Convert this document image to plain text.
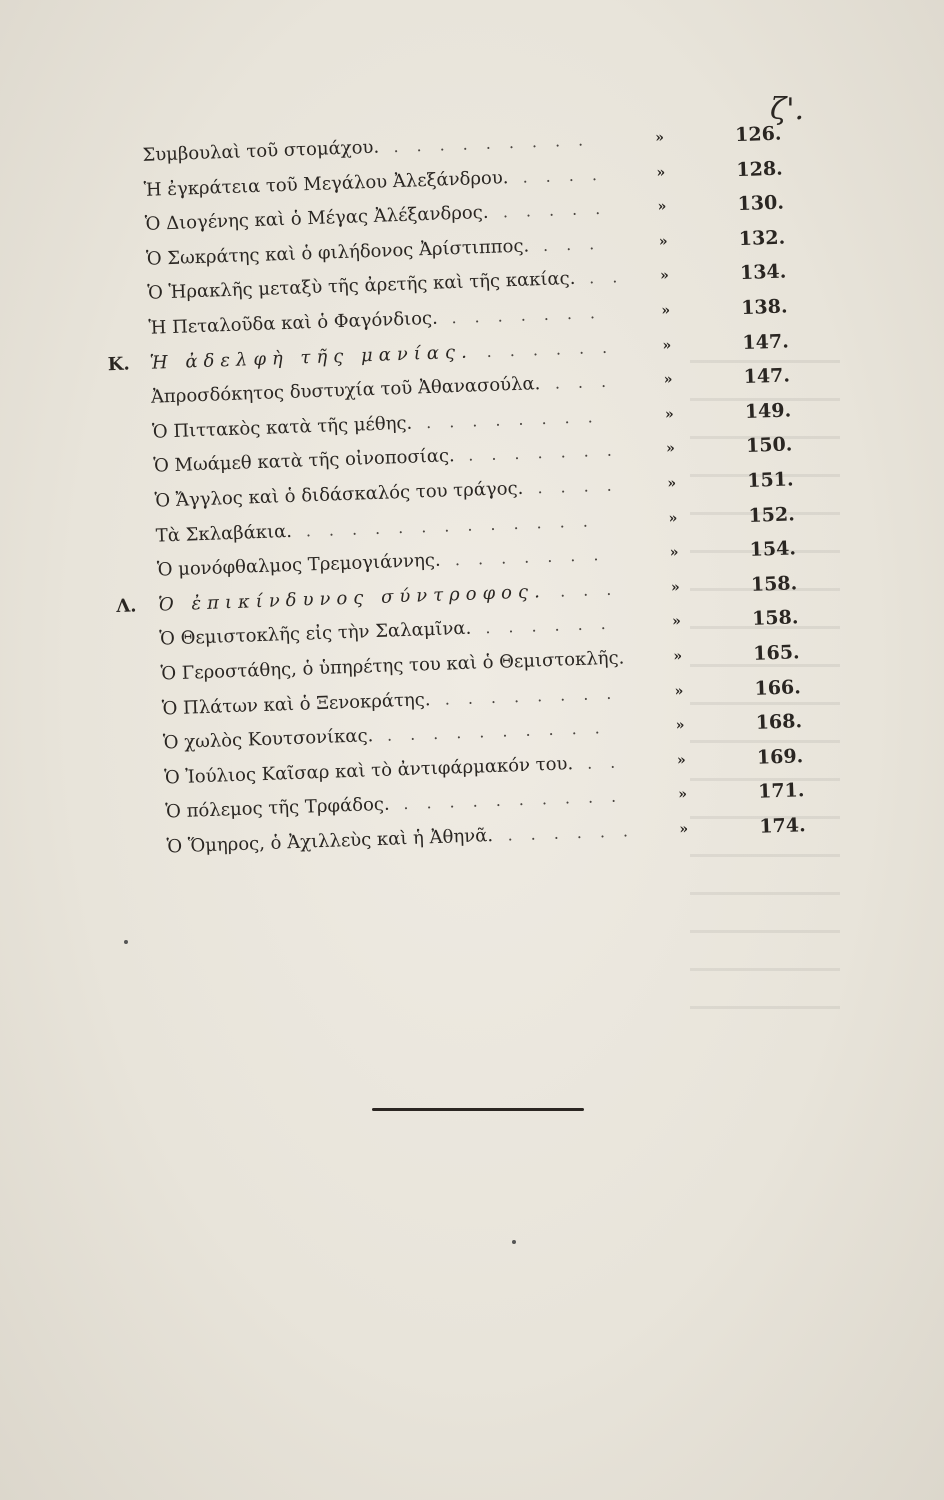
ζ'.
Συμβουλαὶ τοῦ στομάχου. .........	»	126.
Ἡ ἐγκράτεια τοῦ Μεγάλου Ἀλεξάνδρου. ....	»	128.
Ὁ Διογένης καὶ ὁ Μέγας Ἀλέξανδρος. .....	»	130.
Ὁ Σωκράτης καὶ ὁ φιλήδονος Ἀρίστιππος. ...	»	132.
Ὁ Ἡρακλῆς μεταξὺ τῆς ἀρετῆς καὶ τῆς κακίας. .. »	134.
Ἡ Πεταλοῦδα καὶ ὁ Φαγόνδιος. .......	»	138.
Κ. Ἡ ἀδελφὴ τῆς μανίας. ......	»	147.
Ἀπροσδόκητος δυστυχία τοῦ Ἀθανασούλα. ...	»	147.
Ὁ Πιττακὸς κατὰ τῆς μέθης. ........	»	149.
Ὁ Μωάμεθ κατὰ τῆς οἰνοποσίας. .......	»	150.
Ὁ Ἄγγλος καὶ ὁ διδάσκαλός του τράγος. ....	»	151.
Τὰ Σκλαβάκια. .............	»	152.
Ὁ μονόφθαλμος Τρεμογιάννης. .......	»	154.
Λ.	Ὁ ἐπικίνδυνος σύντροφος. ...	»	158.
Ὁ Θεμιστοκλῆς εἰς τὴν Σαλαμῖνα. ......	»	158.
Ὁ Γεροστάθης, ὁ ὑπηρέτης του καὶ ὁ Θεμιστοκλῆς.	»	165.
Ὁ Πλάτων καὶ ὁ Ξενοκράτης. ........	»	166.
Ὁ χωλὸς Κουτσονίκας. ..........	»	168.
Ὁ Ἰούλιος Καῖσαρ καὶ τὸ ἀντιφάρμακόν του. ..	»	169.
Ὁ πόλεμος τῆς Τρφάδος. ..........	»	171.
Ὁ Ὅμηρος, ὁ Ἀχιλλεὺς καὶ ἡ Ἀθηνᾶ. ...... »	174.
